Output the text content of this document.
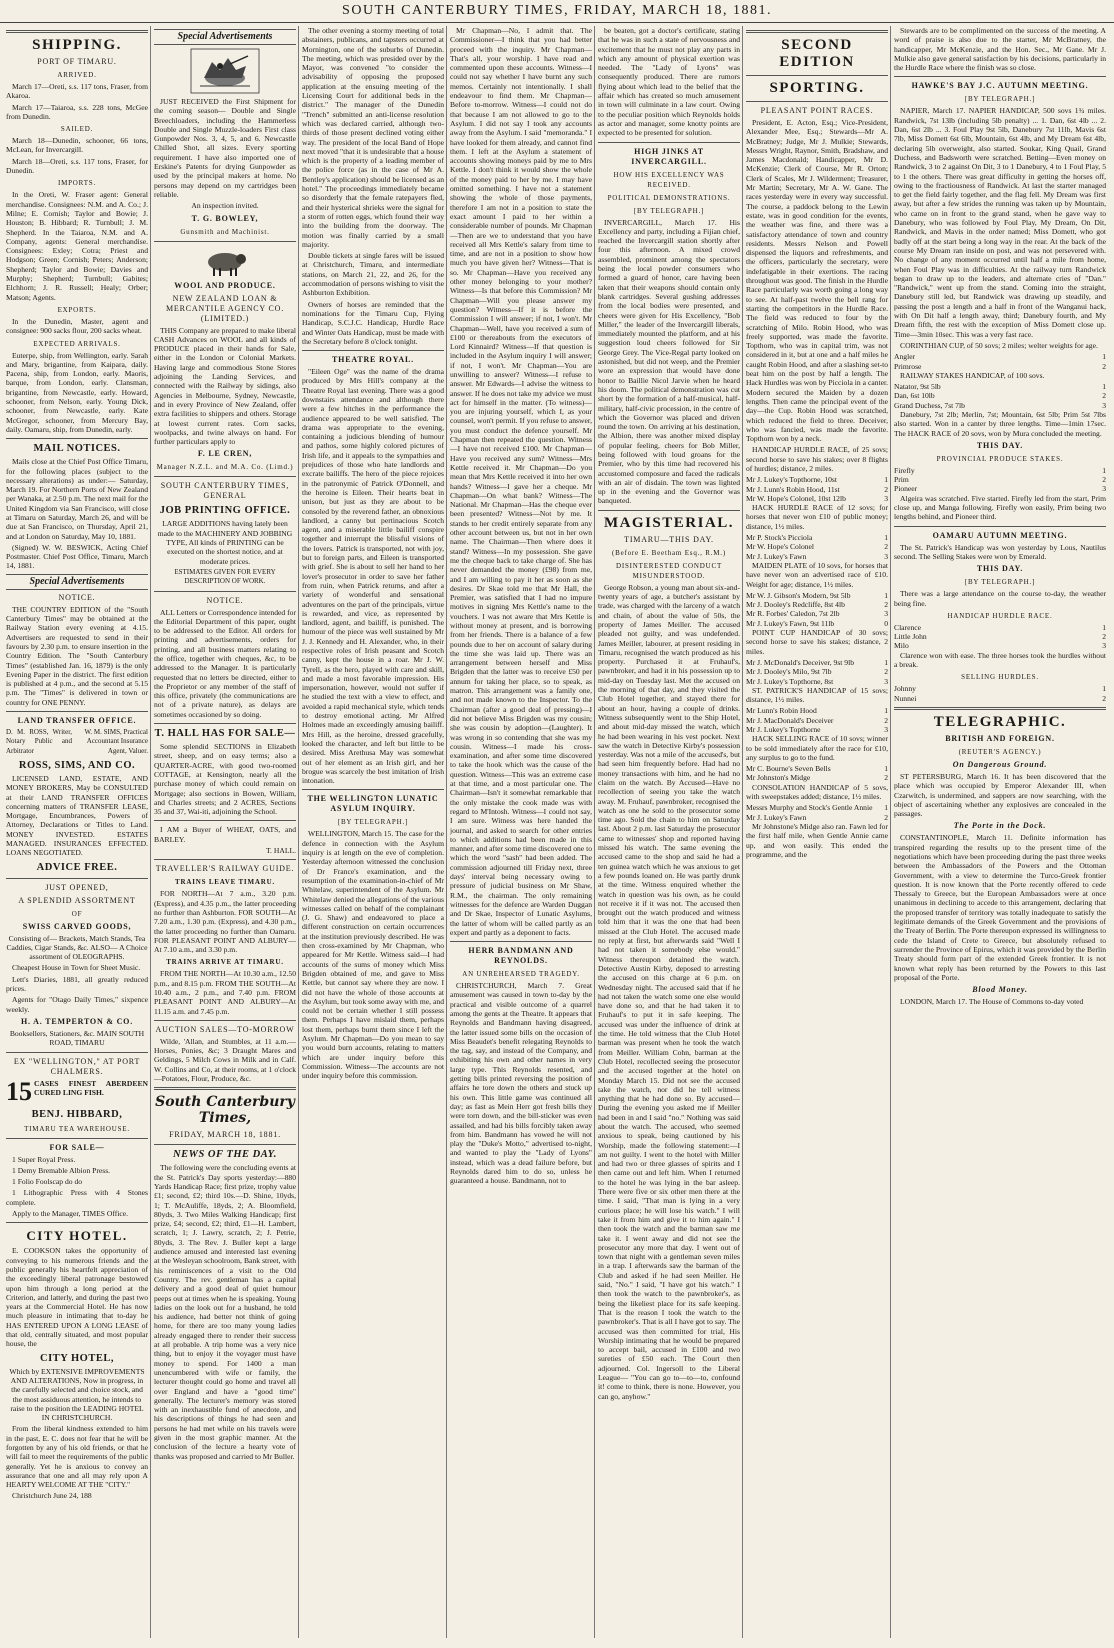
SOUTH CANTERBURY TIMES, FRIDAY, MARCH 18, 1881.
SHIPPING.
PORT OF TIMARU.
ARRIVED.

March 17—Oreti, s.s. 117 tons, Fraser, from Akaroa.

March 17—Taiaroa, s.s. 228 tons, McGee from Dunedin.

SAILED.

March 18—Dunedin, schooner, 66 tons, McLean, for Invercargill.

March 18—Oreti, s.s. 117 tons, Fraser, for Dunedin.

IMPORTS.

In the Oreti, W. Fraser agent: General merchandise. Consignees: N.M. and A. Co.; J. Milne; E. Cornish; Taylor and Bowie; J. Houston; B. Hibbard; R. Turnbull; J. M. Shepherd. In the Taiaroa, N.M. and A. Company, agents: General merchandise. Consignees: Exley; Cotra; Priest and Hodgson; Green; Cornish; Peters; Anderson; Shepherd; Taylor and Bowie; Davies and Murphy; Shepherd; Turnbull; Gabites; Elchhorn; J. R. Russell; Healy; Orber; Matson; Agents.

EXPORTS.

In the Dunedin, Master, agent and consignee: 900 sacks flour, 200 sacks wheat.

EXPECTED ARRIVALS.

Euterpe, ship, from Wellington, early. Sarah and Mary, brigantine, from Kaipara, daily. Pacena, ship, from London, early. Maoris, barque, from London, early. Clansman, brigantine, from Newcastle, early. Howard, schooner, from Nelson, early. Young Dick, schooner, from Newcastle, early. Kate McGregor, schooner, from Mercury Bay, daily. Oamaru, ship, from Dunedin, early.

MAIL NOTICES.

Mails close at the Chief Post Office Timaru, for the following places (subject to the necessary alterations) as under:— Saturday, March 19. For Northern Ports of New Zealand per Wanaka, at 2.50 p.m. The next mail for the United Kingdom via San Francisco, will close at Timaru on Saturday, March 26, and will be due at San Francisco, on Thursday, April 21, and at London on Saturday, May 10, 1881.

(Signed) W. W. BESWICK, Acting Chief Postmaster. Chief Post Office, Timaru, March 14, 1881.

Special Advertisements
NOTICE.

THE COUNTRY EDITION of the "South Canterbury Times" may be obtained at the Railway Station every evening at 4.15. Advertisers are requested to send in their favours by 2.30 p.m. to ensure insertion in the Country Edition. The "South Canterbury Times" (established Jan. 16, 1879) is the only Evening Paper in the district. The first edition is published at 4 p.m., and the second at 5.15 p.m. The "Times" is delivered in town or country for ONE PENNY.

LAND TRANSFER OFFICE.
D. M. ROSS, Writer, Notary Public and Arbitrator
W. M. SIMS, Practical Accountant Insurance Agent, Valuer.
ROSS, SIMS, AND CO.

LICENSED LAND, ESTATE, AND MONEY BROKERS, May be CONSULTED at their LAND TRANSFER OFFICES concerning matters of TRANSFER LEASE, Mortgage, Encumbrances, Powers of Attorney, Declarations or Titles to Land. MONEY INVESTED. ESTATES MANAGED. INSURANCES EFFECTED. LOANS NEGOTIATED.

ADVICE FREE.
JUST OPENED,
A SPLENDID ASSORTMENT
OF
SWISS CARVED GOODS,

Consisting of— Brackets, Match Stands, Tea Caddies, Cigar Stands, &c. ALSO— A Choice assortment of OLEOGRAPHS.

Cheapest House in Town for Sheet Music.

Lett's Diaries, 1881, all greatly reduced prices.

Agents for "Otago Daily Times," sixpence weekly.

H. A. TEMPERTON & CO.

Booksellers, Stationers, &c. MAIN SOUTH ROAD, TIMARU

EX "WELLINGTON," AT PORT CHALMERS.
15 CASES FINEST ABERDEEN CURED LING FISH.
BENJ. HIBBARD,
TIMARU TEA WAREHOUSE.
FOR SALE—

1 Super Royal Press.

1 Demy Bremable Albion Press.

1 Folio Foolscap do do

1 Lithographic Press with 4 Stones complete.

Apply to the Manager, TIMES Office.

CITY HOTEL.

E. COOKSON takes the opportunity of conveying to his numerous friends and the public generally his heartfelt appreciation of the exceedingly liberal patronage bestowed upon him through a long period at the Criterion, and latterly, and during the past two years at the Commercial Hotel. He has now much pleasure in intimating that to-day he HAS ENTERED UPON A LONG LEASE of that old, centrally situated, and most popular house, the

CITY HOTEL,

Which by EXTENSIVE IMPROVEMENTS AND ALTERATIONS, Now in progress, in the carefully selected and choice stock, and the most assiduous attention, he intends to raise to the position the LEADING HOTEL IN CHRISTCHURCH.

From the liberal kindness extended to him in the past, E. C. does not fear that he will be forgotten by any of his old friends, or that he will fail to meet the requirements of the public generally. Yet he is anxious to convey an assurance that one and all may rely upon A HEARTY WELCOME AT THE "CITY."

Christchurch June 24, 188

Special Advertisements

JUST RECEIVED the First Shipment for the coming season— Double and Single Breechloaders, including the Hammerless Double and Single Muzzle-loaders First class Gunpowder Nos. 3, 4, 5, and 6. Newcastle Chilled Shot, all sizes. Every sporting requirement. I have also imported one of Erskine's Patents for drying Gunpowder as used by the principal makers at home. No persons may depend on my cartridges been reliable.

An inspection invited.

T. G. BOWLEY,
Gunsmith and Machinist.
WOOL AND PRODUCE.
NEW ZEALAND LOAN & MERCANTILE AGENCY CO. (LIMITED.)

THIS Company are prepared to make liberal CASH Advances on WOOL and all kinds of PRODUCE placed in their hands for Sale, either in the London or Colonial Markets. Having large and commodious Stone Stores adjoining the Landing Services, and connected with the Railway by sidings, also Agencies in Melbourne, Sydney, Newcastle, and in every Province of New Zealand, offer extra facilities to shippers and others. Storage at lowest current rates. Corn sacks, woolpacks, and twine always on hand. For further particulars apply to

F. LE CREN,
Manager N.Z.L. and M.A. Co. (Limd.)
SOUTH CANTERBURY TIMES, GENERAL
JOB PRINTING OFFICE.

LARGE ADDITIONS having lately been made to the MACHINERY AND JOBBING TYPE, All kinds of PRINTING can be executed on the shortest notice, and at moderate prices.

ESTIMATES GIVEN FOR EVERY DESCRIPTION OF WORK.

NOTICE.

ALL Letters or Correspondence intended for the Editorial Department of this paper, ought to be addressed to the Editor. All orders for printing and advertisements, orders for printing, and all business matters relating to the office, together with cheques, &c, to be addressed to the Manager. It is particularly requested that no letters be directed, either to the Proprietor or any member of the staff of this office, privately (the communications are not of a private nature), as delays are sometimes occasioned by so doing.

T. HALL HAS FOR SALE—

Some splendid SECTIONS in Elizabeth street, sheep, and on easy terms; also a QUARTER-ACRE, with good two-roomed COTTAGE, at Kensington, nearly all the purchase money of which could remain on Mortgage; also sections in Bowen, William, and Charles streets; and 2 ACRES, Sections 35 and 37, Wai-iti, adjoining the School.

I AM a Buyer of WHEAT, OATS, and BARLEY.

T. HALL.

TRAVELLER'S RAILWAY GUIDE.
TRAINS LEAVE TIMARU.

FOR NORTH—At 7 a.m., 3.20 p.m. (Express), and 4.35 p.m., the latter proceeding no further than Ashburton. FOR SOUTH—At 7.20 a.m., 1.30 p.m. (Express), and 4.30 p.m., the latter proceeding no further than Oamaru. FOR PLEASANT POINT AND ALBURY—At 7.10 a.m., and 3.30 p.m.

TRAINS ARRIVE AT TIMARU.

FROM THE NORTH—At 10.30 a.m., 12.50 p.m., and 8.15 p.m. FROM THE SOUTH—At 10.40 a.m., 2 p.m., and 7.40 p.m. FROM PLEASANT POINT AND ALBURY—At 11.15 a.m. and 7.45 p.m.

AUCTION SALES—TO-MORROW

Wilde, 'Allan, and Stumbles, at 11 a.m.—Horses, Ponies, &c; 3 Draught Mares and Geldings, 5 Milch Cows in Milk and in Calf. W. Collins and Co, at their rooms, at 1 o'clock—Potatoes, Flour, Produce, &c.

South Canterbury Times,
FRIDAY, MARCH 18, 1881.
NEWS OF THE DAY.

The following were the concluding events at the St. Patrick's Day sports yesterday:—880 Yards Handicap Race; first prize, trophy value £1; second, £2; third 10s.—D. Shine, 10yds, 1; T. McAuliffe, 18yds, 2; A. Bloomfield, 80yds, 3. Two Miles Walking Handicap; first prize, £4; second, £2; third, £1—H. Lambert, scratch, 1; J. Lawry, scratch, 2; J. Petrie, 80yds, 3. The Rev. J. Buller kept a large audience amused and interested last evening at the Wesleyan schoolroom, Bank street, with his reminiscences of a visit to the Old Country. The rev. gentleman has a capital delivery and a good deal of quiet humour peeps out at times when he is speaking. Young ladies on the look out for a husband, he told his audience, had better not think of going home, for there are too many young ladies already engaged there to render their success at all probable. A trip home was a very nice thing, but to enjoy it the voyager must have money to spend. For 1400 a man unencumbered with wife or family, the lecturer thought could go home and travel all over England and have a "good time" generally. The lecturer's memory was stored with an inexhaustible fund of anecdote, and his descriptions of things he had seen and persons he had met while on his travels were given in the most graphic manner. At the conclusion of the lecture a hearty vote of thanks was proposed and carried to Mr Buller.

The other evening a stormy meeting of total abstainers, publicans, and tapsters occurred at Mornington, one of the suburbs of Dunedin. The meeting, which was presided over by the Mayor, was convened "to consider the advisability of opposing the proposed application at the ensuing meeting of the Licensing Court for additional beds in the district." The manager of the Dunedin "Trench" submitted an anti-license resolution which was declared carried, although two-thirds of those present declined voting either way. The president of the local Band of Hope next moved "that it is undesirable that a house which is the property of a leading member of the police force (as in the case of Mr A. Bentley's application) should be licensed as an hotel." The proceedings immediately became so disorderly that the female ratepayers fled, and their hysterical shrieks were the signal for a storm of rotten eggs, which found their way into the building from the doorway. The motion was finally carried by a small majority.

Double tickets at single fares will be issued at Christchurch, Timaru, and intermediate stations, on March 21, 22, and 26, for the accommodation of persons wishing to visit the Ashburton Exhibition.

Owners of horses are reminded that the nominations for the Timaru Cup, Flying Handicap, S.C.J.C. Handicap, Hurdle Race and Winter Oats Handicap, must be made with the Secretary before 8 o'clock tonight.

THEATRE ROYAL.

"Eileen Oge" was the name of the drama produced by Mrs Hill's company at the Theatre Royal last evening. There was a good downstairs attendance and although there were a few hitches in the performance the audience appeared to be well satisfied. The drama was appropriate to the evening, containing a judicious blending of humour and pathos, some highly colored pictures of Irish life, and it appeals to the sympathies and prejudices of those who hate landlords and excrate bailiffs. The hero of the piece rejoices in the patronymic of Patrick O'Donnell, and the heroine is Eileen. Their hearts beat in unison, but just as they are about to be consoled by the reverend father, an obnoxious landlord, a canny but pertinacious Scotch agent, and a miserable little bailiff conspire together and interrupt the blissful visions of the lovers. Patrick is transported, not with joy, but to foreign parts, and Eileen is transported with grief. She is about to sell her hand to her lover's prosecutor in order to save her father from ruin, when Patrick returns, and after a variety of wonderful and sensational adventures on the part of the principals, virtue is rewarded, and vice, as represented by landlord, agent, and bailiff, is punished. The humour of the piece was well sustained by Mr J. J. Kennedy and H. Alexander, who, in their respective roles of Irish peasant and Scotch canny, kept the house in a roar. Mr J. W. Tyrell, as the hero, played with care and skill, and made a most favorable impression. His impersonation, however, would not suffer if he studied the text with a view to effect, and avoided a rapid mechanical style, which tends to destroy emotional acting. Mr Alfred Holmes made an exceedingly amusing bailiff. Mrs Hill, as the heroine, dressed gracefully, looked the character, and left but little to be desired. Miss Arethusa May was somewhat out of her element as an Irish girl, and her brogue was scarcely the best imitation of Irish intonation.

THE WELLINGTON LUNATIC ASYLUM INQUIRY.
[BY TELEGRAPH.]

WELLINGTON, March 15. The case for the defence in connection with the Asylum inquiry is at length on the eve of completion. Yesterday afternoon witnessed the conclusion of Dr France's examination, and the resumption of the examination-in-chief of Mr Whitelaw, superintendent of the Asylum. Mr Whitelaw denied the allegations of the various witnesses called on behalf of the complainant (J. G. Shaw) and endeavored to place a different construction on certain occurrences at the institution previously described. He was then cross-examined by Mr Chapman, who appeared for Mr Kettle. Witness said—I had accounts of the sums of money which Miss Brigden obtained of me, and gave to Miss Kettle, but cannot say where they are now. I did not have the whole of those accounts at the Asylum, but took some away with me, and could not be certain whether I still possess them. Perhaps I have mislaid them, perhaps lost them, perhaps burnt them since I left the Asylum. Mr Chapman—Do you mean to say you would burn accounts, relating to matters which are under inquiry before this Commission. Witness—The accounts are not under inquiry before this commission.

Mr Chapman—No, I admit that. The Commissioner—I think that you had better proceed with the inquiry. Mr Chapman—That's all, your worship. I have read and commented upon these accounts. Witness—I could not say whether I have burnt any such memos. Certainly not intentionally. I shall endeavour to find them. Mr Chapman—Before to-morrow. Witness—I could not do that because I am not allowed to go to the Asylum. I did not say I took any accounts away from the Asylum. I said "memoranda." I have looked for them already, and cannot find them. I left at the Asylum a statement of accounts showing moneys paid by me to Mrs Kettle. I don't think it would show the whole of the money paid to her by me. I may have omitted something. I have not a statement showing the whole of those payments, therefore I am not in a position to state the exact amount I paid to her within a considerable number of pounds. Mr Chapman—Then are we to understand that you have received all Mrs Kettle's salary from time to time, and are not in a position to show how much you have given her? Witness—That is so. Mr Chapman—Have you received any other money belonging to your mother? Witness—Is that before this Commission? Mr Chapman—Will you please answer my question? Witness—If it is before the Commission I will answer; if not, I won't. Mr Chapman—Well, have you received a sum of £100 or thereabouts from the executors of Lord Kinnaird? Witness—If that question is included in the Asylum inquiry I will answer; if not, I won't. Mr Chapman—You are unwilling to answer? Witness—I refuse to answer. Mr Edwards—I advise the witness to answer. If he does not take my advice we must act for himself in the matter. (To witness)—you are injuring yourself, which I, as your counsel, won't permit. If you refuse to answer, you must conduct the defence yourself. Mr Chapman then repeated the question. Witness—I have not received £100. Mr Chapman—Have you received any sum? Witness—Mrs Kettle received it. Mr Chapman—Do you mean that Mrs Kettle received it into her own hands? Witness—I gave her a cheque. Mr Chapman—On what bank? Witness—The National. Mr Chapman—Has the cheque ever been presented? Witness—Not by me. It stands to her credit entirely separate from any other account between us, but not in her own name. The Chairman—Then where does it stand? Witness—In my possession. She gave me the cheque back to take charge of. She has never demanded the money (£98) from me, and I am willing to pay it her as soon as she desires. Dr Skae told me that Mr Hall, the Premier, was satisfied that I had no impure motives in signing Mrs Kettle's name to the vouchers. I was not aware that Mrs Kettle is without money at present, and is borrowing from her friends. There is a balance of a few pounds due to her on account of salary during the time she was laid up. There was an arrangement between herself and Miss Brigden that the latter was to receive £50 per annum for taking her place, so to speak, as matron. This arrangement was a family one, and not made known to the Inspector. To the Chairman (after a good deal of pressing)—I did not believe Miss Brigden was my cousin; she was cousin by adoption—(Laughter). It was wrong in so contending that she was my cousin. Witness—I made his cross-examination, and after some time discovered to take the hook which was the cause of the question. Witness—This was an extreme case at that time, and a most particular one. The Chairman—Isn't it somewhat remarkable that the only mistake the cook made was with regard to M'Intosh. Witness—I could not say, I am sure. Witness was here handed the journal, and asked to search for other entries to which additions had been made in this manner, and after some time discovered one to which the word "sash" had been added. The commission adjourned till Friday next, three days' interval being necessary owing to pressure of judicial business on Mr Shaw, R.M., the chairman. The only remaining witnesses for the defence are Warden Duggan and Dr Skae, Inspector of Lunatic Asylums, the latter of whom will be called partly as an expert and partly as a deponent to facts.

HERR BANDMANN AND REYNOLDS.
AN UNREHEARSED TRAGEDY.

CHRISTCHURCH, March 7. Great amusement was caused in town to-day by the practical and visible outcome of a quarrel among the gents at the Theatre. It appears that Reynolds and Bandmann having disagreed, the latter issued some bills on the occasion of Miss Beaudet's benefit relegating Reynolds to the tag, say, and instead of the Company, and exhibiting his own and other names in very large type. This Reynolds resented, and getting bills printed reversing the position of affairs he tore down the others and stuck up his own. This little game was continued all day; as fast as Mein Herr got fresh bills they were torn down, and the bill-sticker was even assailed, and had his bills forcibly taken away from him. Bandmann has vowed he will not play the "Duke's Motto," advertised to-night, and wanted to play the "Lady of Lyons" instead, which was a dead failure before, but Reynolds dared him to do so, unless he guaranteed a house. Bandmann, not to

be beaten, got a doctor's certificate, stating that he was in such a state of nervousness and excitement that he must not play any parts in which any amount of physical exertion was needed. The "Lady of Lyons" was consequently produced. There are rumors flying about which lead to the belief that the affair which has created so much amusement in town will culminate in a law court. Owing to the peculiar position which Reynolds holds as actor and manager, some knotty points are expected to be presented for solution.

HIGH JINKS AT INVERCARGILL.
HOW HIS EXCELLENCY WAS RECEIVED.
POLITICAL DEMONSTRATIONS.
[BY TELEGRAPH.]

INVERCARGILL, March 17. His Excellency and party, including a Fijian chief, reached the Invercargill station shortly after four this afternoon. A mixed crowd assembled, prominent among the spectators being the local powder consumers who formed a guard of honor, care having been taken that their weapons should contain only blank cartridges. Several gushing addresses from the local bodies were presented, and cheers were given for His Excellency, "Bob Miller," the leader of the Invercargill liberals, immediately mounted the platform, and at his suggestion loud cheers followed for Sir George Grey. The Vice-Regal party looked on astonished, but did not weep, and the Premier wore an expression that would have done honor to Baillie Nicol Jarvie when he heard his doom. The political demonstration was cut short by the formation of a half-musical, half-military, half-civic procession, in the centre of which the Governor was placed and driven round the town. On arriving at his destination, the Albion, there was another mixed display of popular feeling, cheers for Bob Miller, being followed with loud groans for the Premier, who by this time had recovered his accustomed composure and faced the radicals with an air of disdain. The town was lighted up in the evening and the Governor was banqueted.

MAGISTERIAL.
TIMARU—THIS DAY.
(Before E. Beetham Esq., R.M.)
DISINTERESTED CONDUCT MISUNDERSTOOD.

George Robson, a young man about six-and-twenty years of age, a butcher's assistant by trade, was charged with the larceny of a watch and chain, of about the value of 50s, the property of James Meiller. The accused pleaded not guilty, and was undefended. James Meiller, labourer, at present residing in Timaru, recognised the watch produced as his property. Purchased it at Fruhauf's, pawnbroker, and had it in his possession up to mid-day on Tuesday last. Met the accused on the morning of that day, and they visited the Club Hotel together, and stayed there for about an hour, having a couple of drinks. Witness subsequently went to the Ship Hotel, and about mid-day missed the watch, which he had been wearing in his vest pocket. Next saw the watch in Detective Kirby's possession yesterday. Was not a mile of the accused's, but had seen him frequently before. Had had no money transactions with him, and he had no claim on the watch. By Accused—Have no recollection of seeing you take the watch away. M. Fruhauf, pawnbroker, recognised the watch as one he sold to the prosecutor some time ago. Sold the chain to him on Saturday last. About 2 p.m. last Saturday the prosecutor came to witnesses' shop and reported having missed his watch. The same evening the accused came to the shop and said he had a ten guinea watch which he was anxious to get a few pounds loaned on. He was partly drunk at the time. Witness enquired whether the watch in question was his own, as he could not receive it if it was not. The accused then brought out the watch produced and witness told him that it was the one that had been missed at the Club Hotel. The accused made no reply at first, but afterwards said "Well I had not taken it somebody else would." Witness thereupon detained the watch. Detective Austin Kirby, deposed to arresting the accused on this charge at 6 p.m. on Wednesday night. The accused said that if he had not taken the watch some one else would have done so, and that he had taken it to Fruhauf's to put it in safe keeping. The accused was under the influence of drink at the time. He told witness that the Club Hotel barman was present when he took the watch from Meiller. William Cohn, barman at the Club Hotel, recollected seeing the prosecutor and the accused together at the hotel on Monday March 15. Did not see the accused take the watch, nor did he tell witness anything that he had done so. By accused—During the evening you asked me if Meiller had been in and I said "no." Nothing was said about the watch. The accused, who seemed anxious to speak, being cautioned by his Worship, made the following statement:—I am not guilty. I went to the hotel with Miller and had two or three glasses of spirits and I then came out and left him. When I returned to the hotel he was lying in the bar asleep. There were five or six other men there at the time. I said, "That man is lying in a very curious place; he will lose his watch." I will take it from him and give it to him again." I then took the watch and the barman saw me take it. I went away and did not see the prosecutor any more that day. I went out of town that night with a gentleman seven miles in a trap. I afterwards saw the barman of the Club and asked if he had seen Meiller. He said, "No." I said, "I have got his watch." I then took the watch to the pawnbroker's, as being the likeliest place for its safe keeping. That is the reason I took the watch to the pawnbroker's. That is all I have got to say. The accused was then committed for trial, His Worship intimating that he would be prepared to accept bail, accused in £100 and two sureties of £50 each. The Court then adjourned. Col. Ingersoll to the Liberal League— "You can go to—to—to, confound it! come to think, there is none. However, you can go, anyhow."

SECOND EDITION
SPORTING.
PLEASANT POINT RACES.

President, E. Acton, Esq.; Vice-President, Alexander Mee, Esq.; Stewards—Mr A. McBratney; Judge, Mr J. Mulkie; Stewards, Messrs Wright, Raynor, Smith, Bradshaw, and James Macdonald; Handicapper, Mr D. McKenzie; Clerk of Course, Mr R. Orton; Clerk of Scales, Mr J. Wilderment; Treasurer, Mr Martin; Secretary, Mr A. W. Gane. The races yesterday were in every way successful. The course, a paddock belong to the Lewin estate, was in good condition for the events, the weather was fine, and there was a satisfactory attendance of town and country residents. Messrs Nelson and Powell dispensed the liquors and refreshments, and the officers, particularly the secretary, were indefatigable in their exertions. The racing throughout was good. The finish in the Hurdle Race particularly was worth going a long way to see. At half-past twelve the bell rang for starting the competitors in the Hurdle Race. The field was reduced to four by the scratching of Milo. Robin Hood, who was freely supported, was made the favorite. Topthorn, who was in capital trim, was not considered in it, but at one and a half miles he caught Robin Hood, and after a slashing set-to beat him on the post by half a length. The Hack Hurdles was won by Picciola in a canter. Modern secured the Maiden by a dozen lengths. Then came the principal event of the day—the Cup. Robin Hood was scratched, which reduced the field to three. Deceiver, who was fancied, was made the favorite. Topthorn won by a neck.

HANDICAP HURDLE RACE, of 25 sovs; second horse to save his stakes; over 8 flights of hurdles; distance, 2 miles.

Mr J. Lukey's Topthorne, 10st	1
Mr J. Lunn's Robin Hood, 11st	2
Mr W. Hope's Colonel, 10st 12lb	3

HACK HURDLE RACE of 12 sovs; for horses that never won £10 of public money; distance, 1½ miles.

Mr P. Stock's Picciola	1
Mr W. Hope's Colonel	2
Mr J. Lukey's Fawn	3

MAIDEN PLATE of 10 sovs, for horses that have never won an advertised race of £10. Weight for age; distance, 1½ miles.

Mr W. J. Gibson's Modern, 9st 5lb	1
Mr J. Dooley's Redcliffe, 8st 4lb	2
Mr R. Forbes' Caledon, 7st 2lb	3
Mr J. Lukey's Fawn, 9st 11lb	0

POINT CUP HANDICAP of 30 sovs; second horse to save his stakes; distance, 2 miles.

Mr J. McDonald's Deceiver, 9st 9lb	1
Mr J. Dooley's Milo, 9st 7lb	2
Mr J. Lukey's Topthorne, 8st	3

ST. PATRICK'S HANDICAP of 15 sovs; distance, 1½ miles.

Mr Lunn's Robin Hood	1
Mr J. MacDonald's Deceiver	2
Mr J. Lukey's Topthorne	3

HACK SELLING RACE of 10 sovs; winner to be sold immediately after the race for £10, any surplus to go to the fund.

Mr C. Bourne's Seven Bells	1
Mr Johnston's Midge	2

CONSOLATION HANDICAP of 5 sovs, with sweepstakes added; distance, 1½ miles.

Messrs Murphy and Stock's Gentle Annie 1
Mr J. Lukey's Fawn	2

Mr Johnstone's Midge also ran. Fawn led for the first half mile, when Gentle Annie came up, and won easily. This ended the programme, and the

Stewards are to be complimented on the success of the meeting. A word of praise is also due to the starter, Mr McBratney, the handicapper, Mr McKenzie, and the Hon. Sec., Mr Gane. Mr J. Mulkie also gave general satisfaction by his decisions, particularly in the Hurdle Race where the finish was so close.

HAWKE'S BAY J.C. AUTUMN MEETING.
[BY TELEGRAPH.]

NAPIER, March 17. NAPIER HANDICAP, 500 sovs 1¾ miles. Randwick, 7st 13lb (including 5lb penalty) ... 1. Dan, 6st 4lb ... 2. Dan, 6st 2lb ... 3. Foul Play 9st 5lb, Danebury 7st 11lb, Mavis 6st 7lb, Miss Domett 6st 6lb, Mountain, 6st 4lb, and My Dream 6st 4lb, declaring 5lb overweight, also started. Soukar, King Quail, Grand Duchess, and Badsworth were scratched. Betting—Even money on Randwick, 3 to 2 against On Dit, 3 to 1 Danebury, 4 to 1 Foul Play, 5 to 1 the others. There was great difficulty in getting the horses off, owing to the fractiousness of Randwick. At last the starter managed to get the field fairly together, and the flag fell. My Dream was first away, but after a few strides the running was taken up by Mountain, who came on in front to the grand stand, when he gave way to Danebury, who was followed by Foul Play, My Dream, On Dit, Randwick, and Mavis in the order named; Miss Domett, who got badly off at the start being a long way in the rear. At the back of the course My Dream ran inside on post, and was not persevered with. No change of any moment occurred until half a mile from home, when Foul Play was in difficulties. At the railway turn Randwick began to draw up to the leaders, and alternate cries of "Dan." "Randwick," went up from the stand. Coming into the straight, Danebury still led, but Randwick was drawing up steadily, and passing the post a length and a half in front of the Wanganui hack, with On Dit half a length away, third; Danebury fourth, and My Dream fifth, the rest with the exception of Miss Domett close up. Time—3min 10sec. This was a very fast race.

CORINTHIAN CUP, of 50 sovs; 2 miles; welter weights for age.

Angler	1
Primrose	2

RAILWAY STAKES HANDICAP, of 100 sovs.

Natator, 9st 5lb	1
Dan, 6st 10lb	2
Grand Duchess, 7st 7lb	3

Danebury, 7st 2lb; Merlin, 7st; Mountain, 6st 5lb; Prim 5st 7lbs also started. Won in a canter by three lengths. Time—1min 17sec. The HACK RACE of 20 sovs, won by Mura concluded the meeting.

THIS DAY.
PROVINCIAL PRODUCE STAKES.
Firefly	1
Prim	2
Pioneer	3

Algeira was scratched. Five started. Firefly led from the start, Prim close up, and Manga following. Firefly won easily, Prim being two lengths behind, and Pioneer third.

OAMARU AUTUMN MEETING.

The St. Patrick's Handicap was won yesterday by Lous, Nautilus second. The Selling Stakes were won by Emerald.

THIS DAY.
[BY TELEGRAPH.]

There was a large attendance on the course to-day, the weather being fine.

HANDICAP HURDLE RACE.
Clarence	1
Little John	2
Milo	3

Clarence won with ease. The three horses took the hurdles without a break.

SELLING HURDLES.
Johnny	1
Nunnei	2
TELEGRAPHIC.
BRITISH AND FOREIGN.
(REUTER'S AGENCY.)
On Dangerous Ground.

ST PETERSBURG, March 16. It has been discovered that the place which was occupied by Emperor Alexander III, when Czarwitch, is undermined, and sappers are now searching, with the object of ascertaining whether any explosives are concealed in the passages.

The Porte in the Dock.

CONSTANTINOPLE, March 11. Definite information has transpired regarding the results up to the present time of the negotiations which have been proceeding during the past three weeks between the Ambassadors of the Powers and the Ottoman Government, with a view to determine the Turco-Greek frontier question. It is now known that the Porte recently offered to cede Thessaly to Greece, but the European Ambassadors were at once unanimous in declining to accede to this arrangement, declaring that the proposed transfer of territory was totally inadequate to satisfy the legitimate demands of the Greek Government and the provisions of the Treaty of Berlin. The Porte thereupon expressed its willingness to cede the Island of Crete to Greece, but absolutely refused to surrender the Province of Epirus, which it was provided by the Berlin Treaty should form part of the extended Greek frontier. It is not known what reply has been returned by the Powers to this last proposal of the Porte.

Blood Money.

LONDON, March 17. The House of Commons to-day voted
